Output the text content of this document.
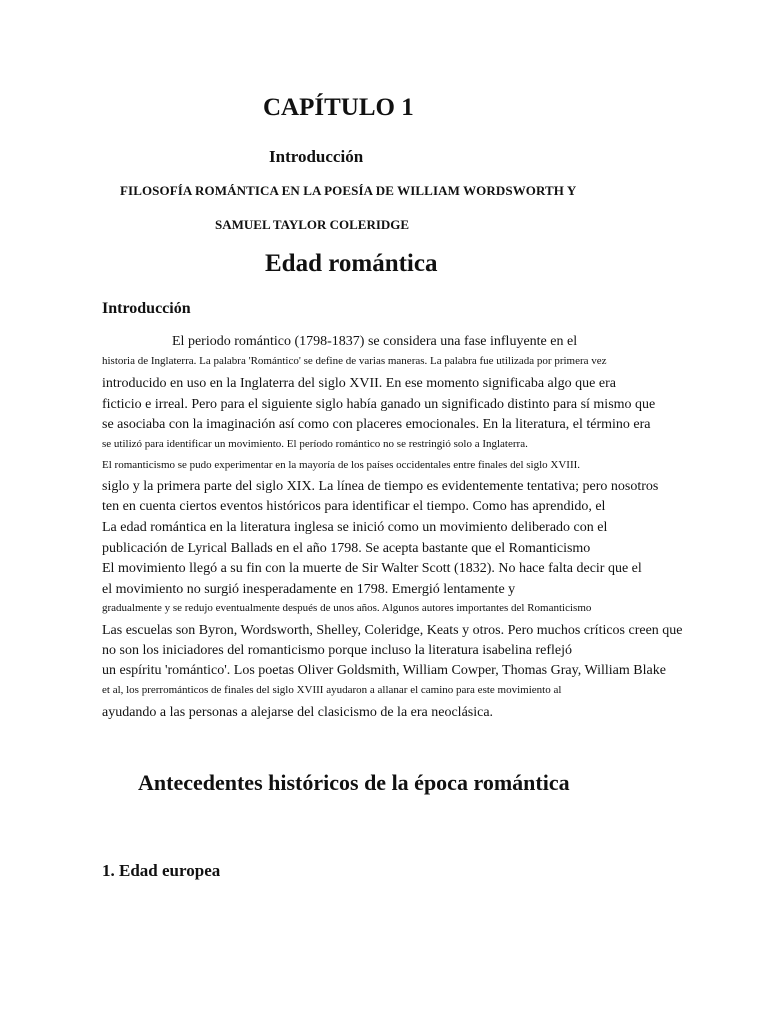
CAPÍTULO 1
Introducción
FILOSOFÍA ROMÁNTICA EN LA POESÍA DE WILLIAM WORDSWORTH Y
SAMUEL TAYLOR COLERIDGE
Edad romántica
Introducción
El periodo romántico (1798-1837) se considera una fase influyente en el
historia de Inglaterra. La palabra 'Romántico' se define de varias maneras. La palabra fue utilizada por primera vez
introducido en uso en la Inglaterra del siglo XVII. En ese momento significaba algo que era
ficticio e irreal. Pero para el siguiente siglo había ganado un significado distinto para sí mismo que
se asociaba con la imaginación así como con placeres emocionales. En la literatura, el término era
se utilizó para identificar un movimiento. El período romántico no se restringió solo a Inglaterra.
El romanticismo se pudo experimentar en la mayoría de los países occidentales entre finales del siglo XVIII.
siglo y la primera parte del siglo XIX. La línea de tiempo es evidentemente tentativa; pero nosotros
ten en cuenta ciertos eventos históricos para identificar el tiempo. Como has aprendido, el
La edad romántica en la literatura inglesa se inició como un movimiento deliberado con el
publicación de Lyrical Ballads en el año 1798. Se acepta bastante que el Romanticismo
El movimiento llegó a su fin con la muerte de Sir Walter Scott (1832). No hace falta decir que el
el movimiento no surgió inesperadamente en 1798. Emergió lentamente y
gradualmente y se redujo eventualmente después de unos años. Algunos autores importantes del Romanticismo
Las escuelas son Byron, Wordsworth, Shelley, Coleridge, Keats y otros. Pero muchos críticos creen que
no son los iniciadores del romanticismo porque incluso la literatura isabelina reflejó
un espíritu 'romántico'. Los poetas Oliver Goldsmith, William Cowper, Thomas Gray, William Blake
et al, los prerrománticos de finales del siglo XVIII ayudaron a allanar el camino para este movimiento al
ayudando a las personas a alejarse del clasicismo de la era neoclásica.
Antecedentes históricos de la época romántica
1. Edad europea
